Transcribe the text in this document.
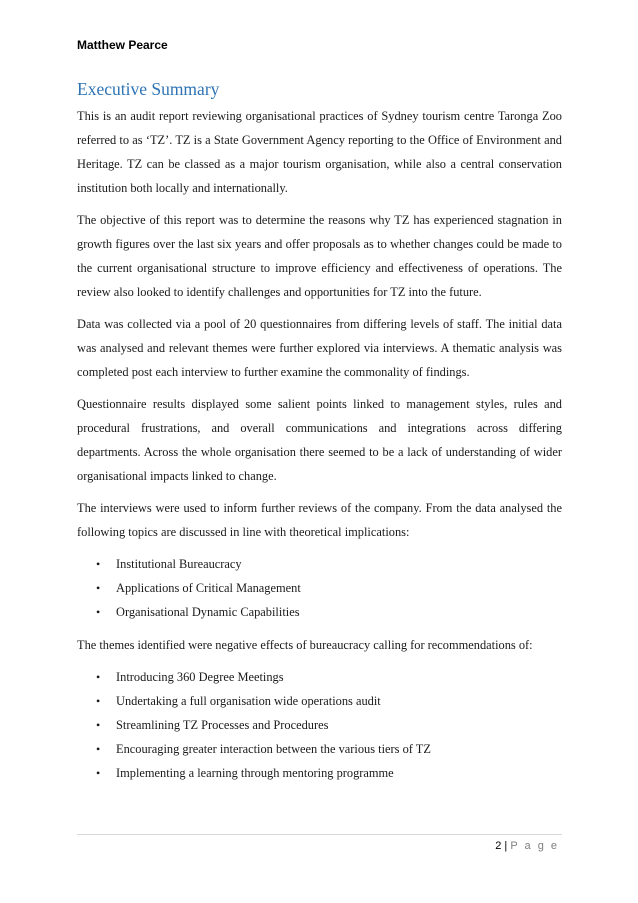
Matthew Pearce
Executive Summary

This is an audit report reviewing organisational practices of Sydney tourism centre Taronga Zoo referred to as ‘TZ’. TZ is a State Government Agency reporting to the Office of Environment and Heritage. TZ can be classed as a major tourism organisation, while also a central conservation institution both locally and internationally.

The objective of this report was to determine the reasons why TZ has experienced stagnation in growth figures over the last six years and offer proposals as to whether changes could be made to the current organisational structure to improve efficiency and effectiveness of operations. The review also looked to identify challenges and opportunities for TZ into the future.

Data was collected via a pool of 20 questionnaires from differing levels of staff. The initial data was analysed and relevant themes were further explored via interviews. A thematic analysis was completed post each interview to further examine the commonality of findings.

Questionnaire results displayed some salient points linked to management styles, rules and procedural frustrations, and overall communications and integrations across differing departments. Across the whole organisation there seemed to be a lack of understanding of wider organisational impacts linked to change.

The interviews were used to inform further reviews of the company. From the data analysed the following topics are discussed in line with theoretical implications:

• Institutional Bureaucracy
• Applications of Critical Management
• Organisational Dynamic Capabilities

The themes identified were negative effects of bureaucracy calling for recommendations of:

• Introducing 360 Degree Meetings
• Undertaking a full organisation wide operations audit
• Streamlining TZ Processes and Procedures
• Encouraging greater interaction between the various tiers of TZ
• Implementing a learning through mentoring programme
2 | P a g e
